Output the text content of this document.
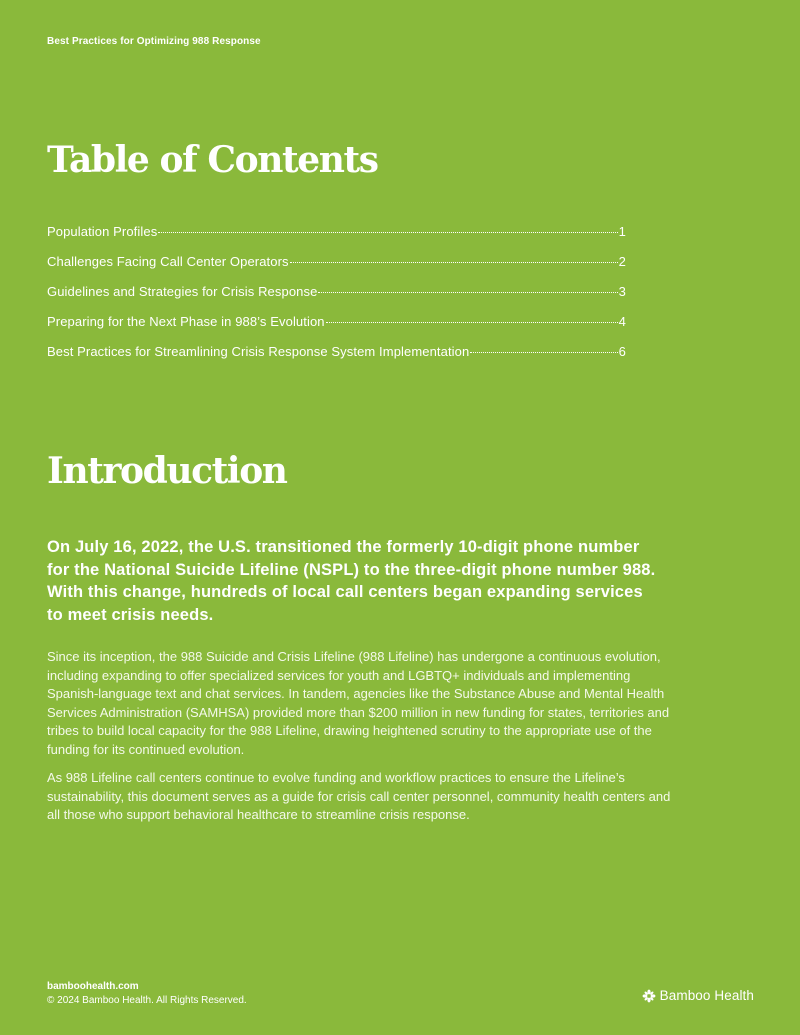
Best Practices for Optimizing 988 Response
Table of Contents
Population Profiles	1
Challenges Facing Call Center Operators	2
Guidelines and Strategies for Crisis Response	3
Preparing for the Next Phase in 988’s Evolution	4
Best Practices for Streamlining Crisis Response System Implementation	6
Introduction

On July 16, 2022, the U.S. transitioned the formerly 10-digit phone number
for the National Suicide Lifeline (NSPL) to the three-digit phone number 988.
With this change, hundreds of local call centers began expanding services
to meet crisis needs.

Since its inception, the 988 Suicide and Crisis Lifeline (988 Lifeline) has undergone a continuous evolution,
including expanding to offer specialized services for youth and LGBTQ+ individuals and implementing
Spanish-language text and chat services. In tandem, agencies like the Substance Abuse and Mental Health
Services Administration (SAMHSA) provided more than $200 million in new funding for states, territories and
tribes to build local capacity for the 988 Lifeline, drawing heightened scrutiny to the appropriate use of the
funding for its continued evolution.

As 988 Lifeline call centers continue to evolve funding and workflow practices to ensure the Lifeline’s
sustainability, this document serves as a guide for crisis call center personnel, community health centers and
all those who support behavioral healthcare to streamline crisis response.

bamboohealth.com
© 2024 Bamboo Health. All Rights Reserved.	Bamboo Health
